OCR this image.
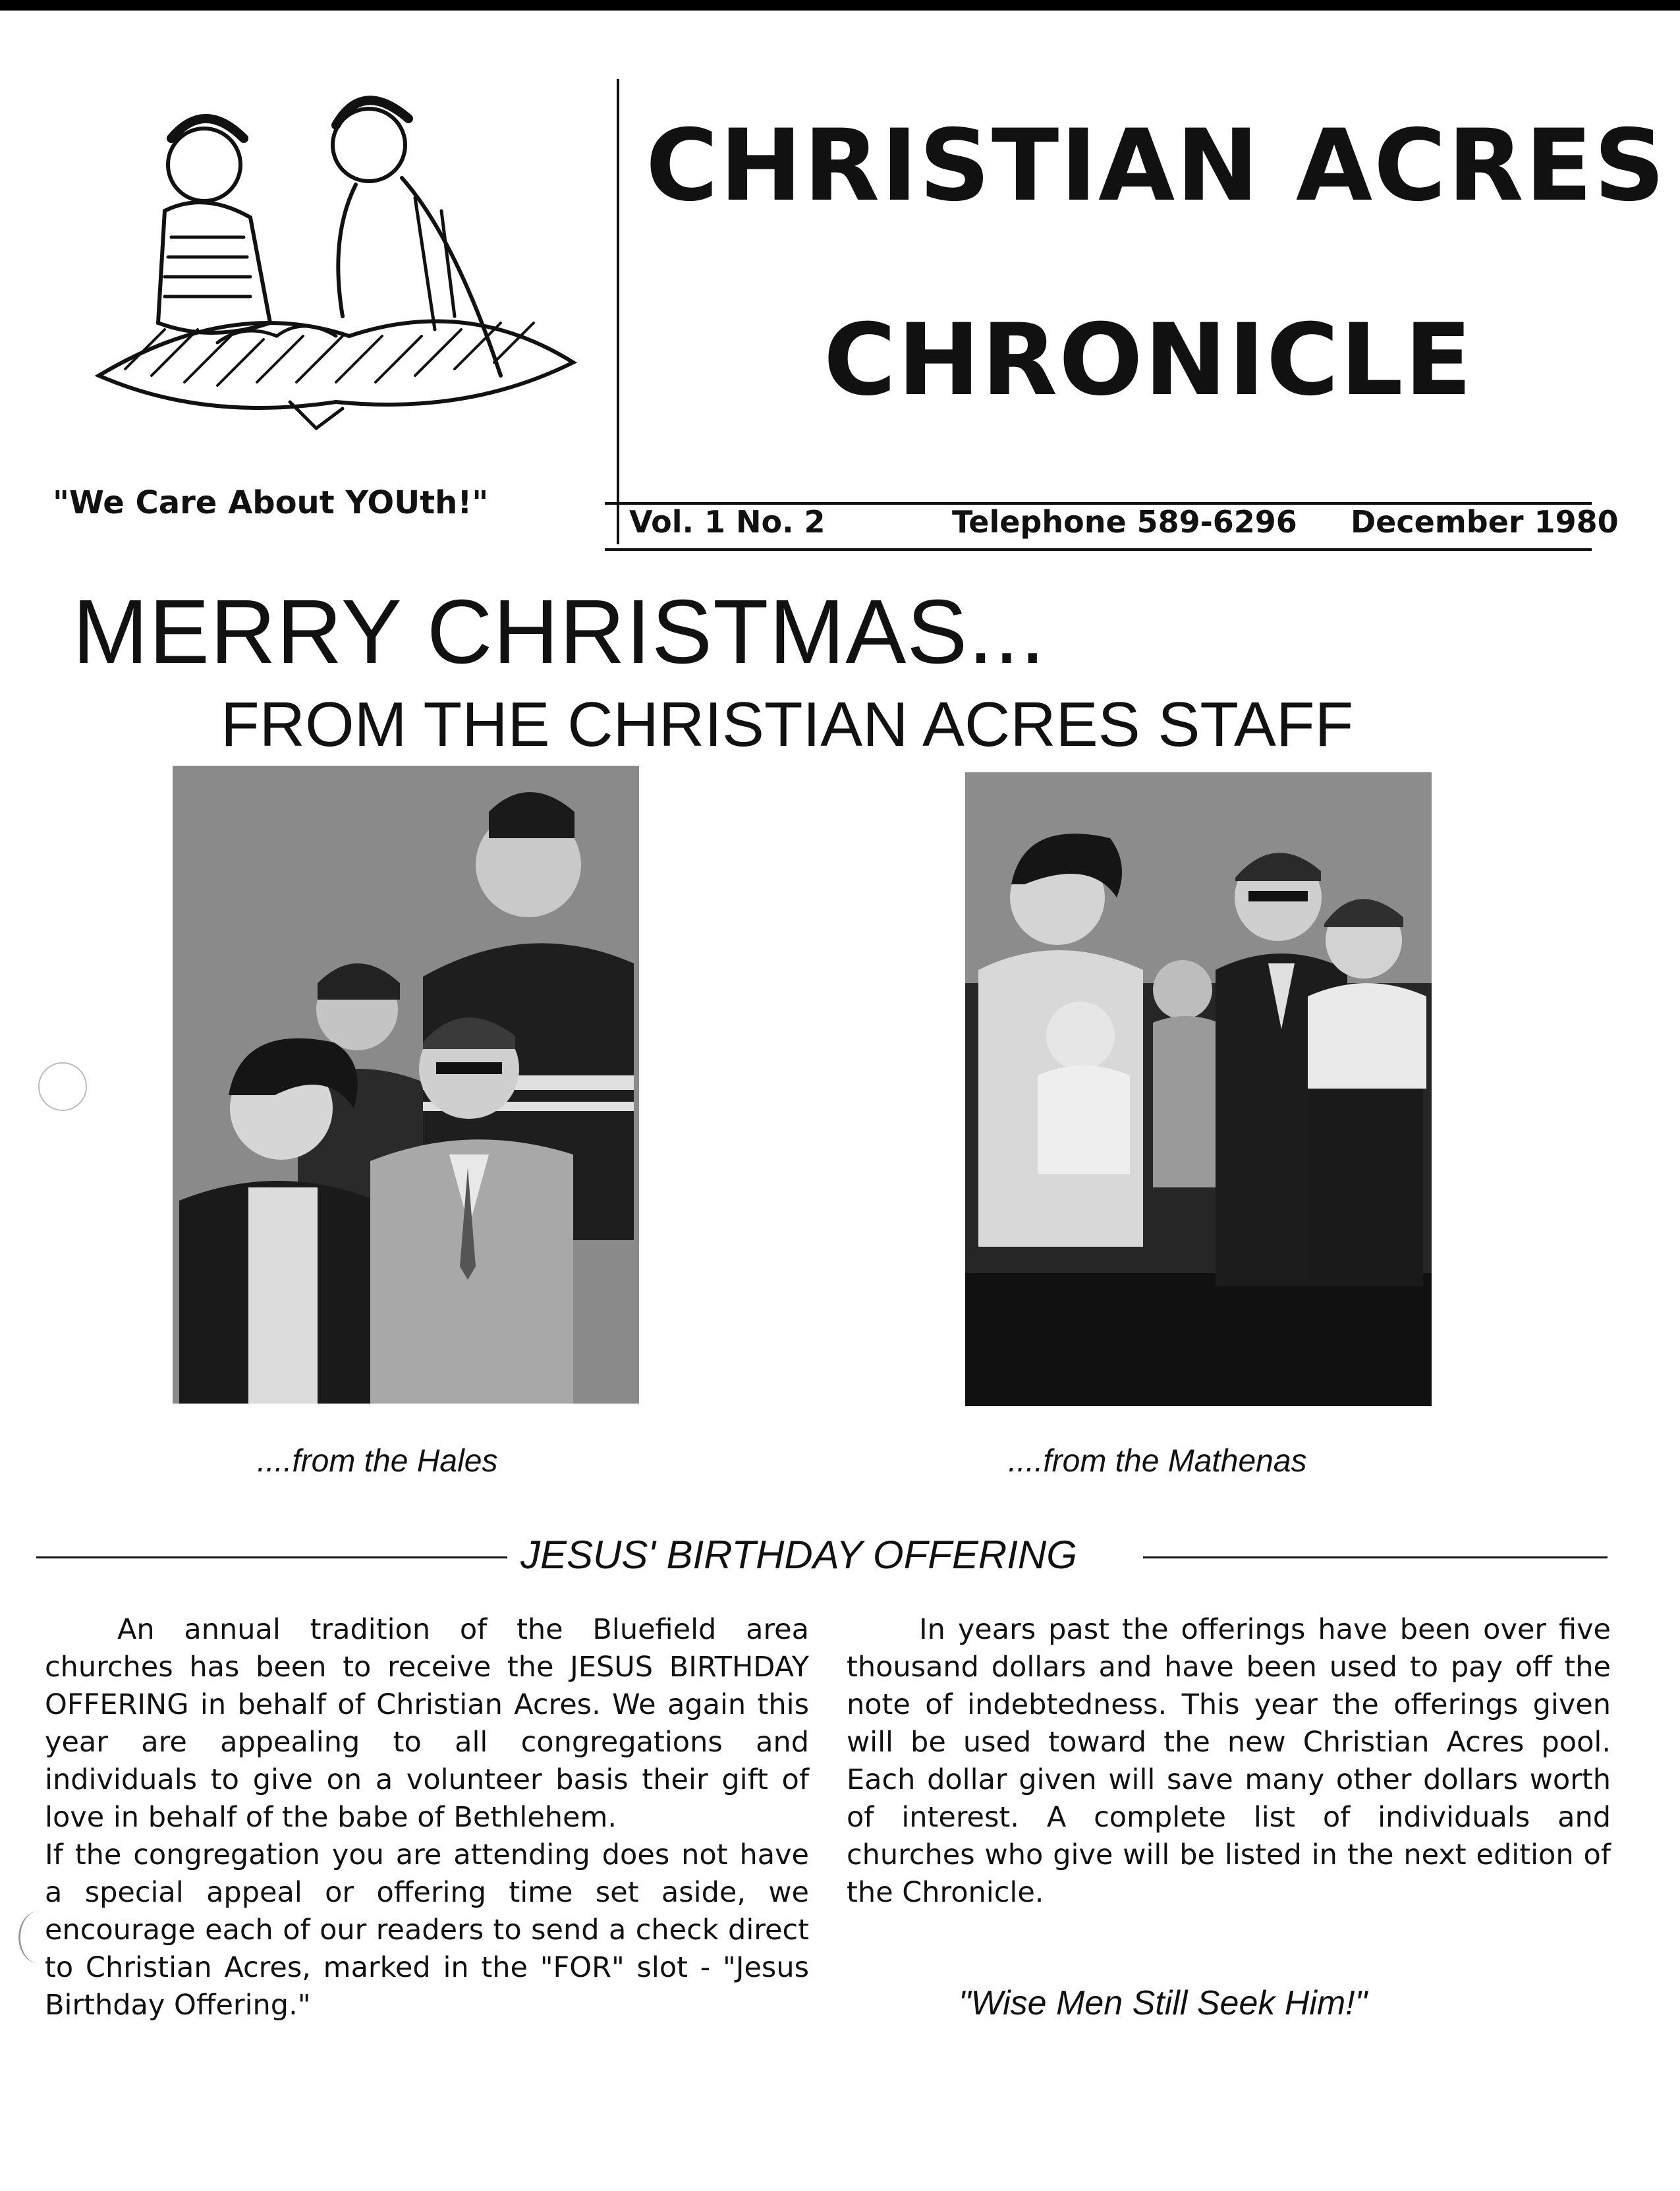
"We Care About YOUth!"
CHRISTIAN ACRES
CHRONICLE
Vol. 1 No. 2	Telephone 589-6296 December 1980
MERRY CHRISTMAS...
FROM THE CHRISTIAN ACRES STAFF
....from the Hales	....from the Mathenas
JESUS' BIRTHDAY OFFERING

An annual tradition of the Bluefield area churches has been to receive the JESUS BIRTHDAY OFFERING in behalf of Christian Acres. We again this year are appealing to all congregations and individuals to give on a volunteer basis their gift of love in behalf of the babe of Bethlehem.

If the congregation you are attending does not have a special appeal or offering time set aside, we encourage each of our readers to send a check direct to Christian Acres, marked in the "FOR" slot - "Jesus Birthday Offering."

In years past the offerings have been over five thousand dollars and have been used to pay off the note of indebtedness. This year the offerings given will be used toward the new Christian Acres pool. Each dollar given will save many other dollars worth of interest. A complete list of individuals and churches who give will be listed in the next edition of the Chronicle.

"Wise Men Still Seek Him!"
